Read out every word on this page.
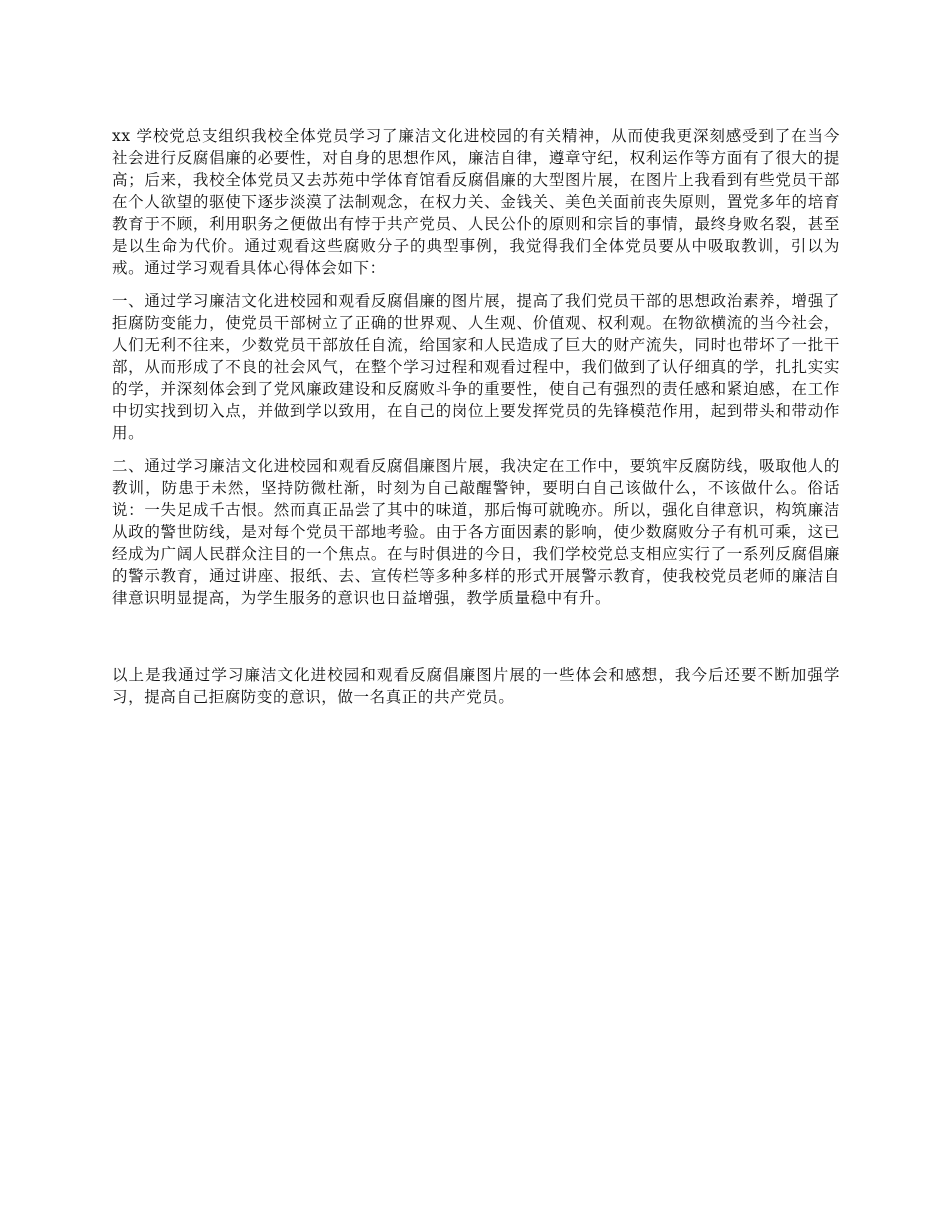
xx 学校党总支组织我校全体党员学习了廉洁文化进校园的有关精神，从而使我更深刻感受到了在当今社会进行反腐倡廉的必要性，对自身的思想作风，廉洁自律，遵章守纪，权利运作等方面有了很大的提高；后来，我校全体党员又去苏苑中学体育馆看反腐倡廉的大型图片展，在图片上我看到有些党员干部在个人欲望的驱使下逐步淡漠了法制观念，在权力关、金钱关、美色关面前丧失原则，置党多年的培育教育于不顾，利用职务之便做出有悖于共产党员、人民公仆的原则和宗旨的事情，最终身败名裂，甚至是以生命为代价。通过观看这些腐败分子的典型事例，我觉得我们全体党员要从中吸取教训，引以为戒。通过学习观看具体心得体会如下：

一、通过学习廉洁文化进校园和观看反腐倡廉的图片展，提高了我们党员干部的思想政治素养，增强了拒腐防变能力，使党员干部树立了正确的世界观、人生观、价值观、权利观。在物欲横流的当今社会，人们无利不往来，少数党员干部放任自流，给国家和人民造成了巨大的财产流失，同时也带坏了一批干部，从而形成了不良的社会风气，在整个学习过程和观看过程中，我们做到了认仔细真的学，扎扎实实的学，并深刻体会到了党风廉政建设和反腐败斗争的重要性，使自己有强烈的责任感和紧迫感，在工作中切实找到切入点，并做到学以致用，在自己的岗位上要发挥党员的先锋模范作用，起到带头和带动作用。

二、通过学习廉洁文化进校园和观看反腐倡廉图片展，我决定在工作中，要筑牢反腐防线，吸取他人的教训，防患于未然，坚持防微杜渐，时刻为自己敲醒警钟，要明白自己该做什么，不该做什么。俗话说：一失足成千古恨。然而真正品尝了其中的味道，那后悔可就晚亦。所以，强化自律意识，构筑廉洁从政的警世防线，是对每个党员干部地考验。由于各方面因素的影响，使少数腐败分子有机可乘，这已经成为广阔人民群众注目的一个焦点。在与时俱进的今日，我们学校党总支相应实行了一系列反腐倡廉的警示教育，通过讲座、报纸、去、宣传栏等多种多样的形式开展警示教育，使我校党员老师的廉洁自律意识明显提高，为学生服务的意识也日益增强，教学质量稳中有升。

以上是我通过学习廉洁文化进校园和观看反腐倡廉图片展的一些体会和感想，我今后还要不断加强学习，提高自己拒腐防变的意识，做一名真正的共产党员。
